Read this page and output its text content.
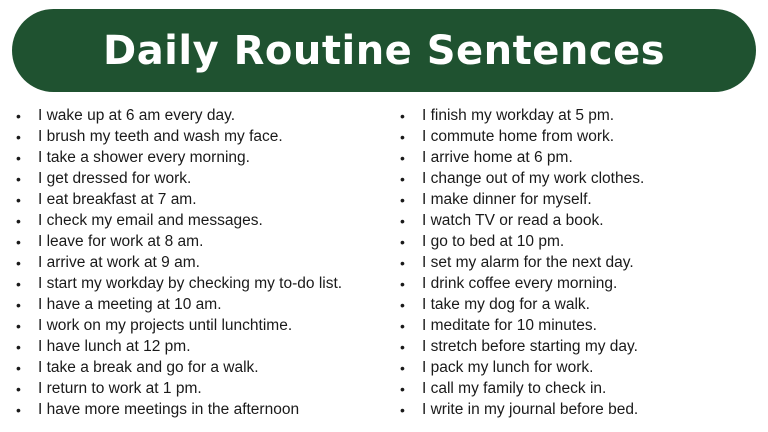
Daily Routine Sentences
•	I wake up at 6 am every day.
•	I brush my teeth and wash my face.
•	I take a shower every morning.
•	I get dressed for work.
•	I eat breakfast at 7 am.
•	I check my email and messages.
•	I leave for work at 8 am.
•	I arrive at work at 9 am.
•	I start my workday by checking my to-do list.
•	I have a meeting at 10 am.
•	I work on my projects until lunchtime.
•	I have lunch at 12 pm.
•	I take a break and go for a walk.
•	I return to work at 1 pm.
•	I have more meetings in the afternoon
•	I finish my workday at 5 pm.
•	I commute home from work.
•	I arrive home at 6 pm.
•	I change out of my work clothes.
•	I make dinner for myself.
•	I watch TV or read a book.
•	I go to bed at 10 pm.
•	I set my alarm for the next day.
•	I drink coffee every morning.
•	I take my dog for a walk.
•	I meditate for 10 minutes.
•	I stretch before starting my day.
•	I pack my lunch for work.
•	I call my family to check in.
•	I write in my journal before bed.
